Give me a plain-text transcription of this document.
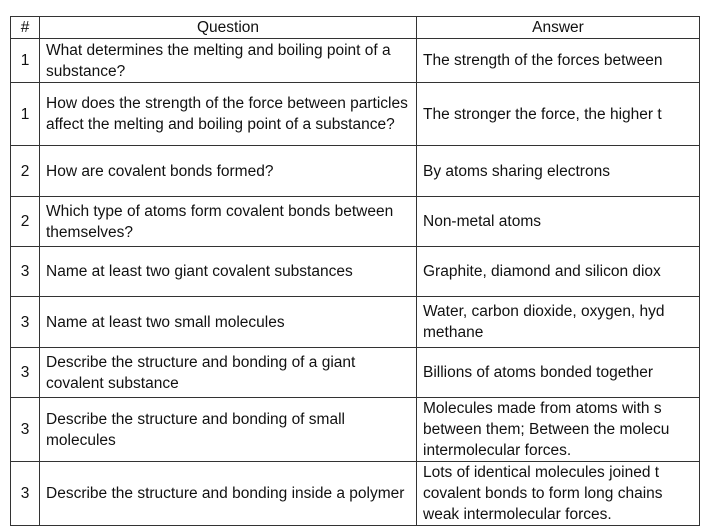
#	Question	Answer
1	What determines the melting and boiling point of a substance?	The strength of the forces between
1	How does the strength of the force between particles affect the melting and boiling point of a substance?	The stronger the force, the higher t
2	How are covalent bonds formed?	By atoms sharing electrons
2	Which type of atoms form covalent bonds between themselves?	Non-metal atoms
3	Name at least two giant covalent substances	Graphite, diamond and silicon diox
3	Name at least two small molecules	Water, carbon dioxide, oxygen, hyd
methane
3	Describe the structure and bonding of a giant covalent substance	Billions of atoms bonded together
3	Describe the structure and bonding of small molecules	Molecules made from atoms with s
between them; Between the molecu
intermolecular forces.
3	Describe the structure and bonding inside a polymer	Lots of identical molecules joined t
covalent bonds to form long chains
weak intermolecular forces.
